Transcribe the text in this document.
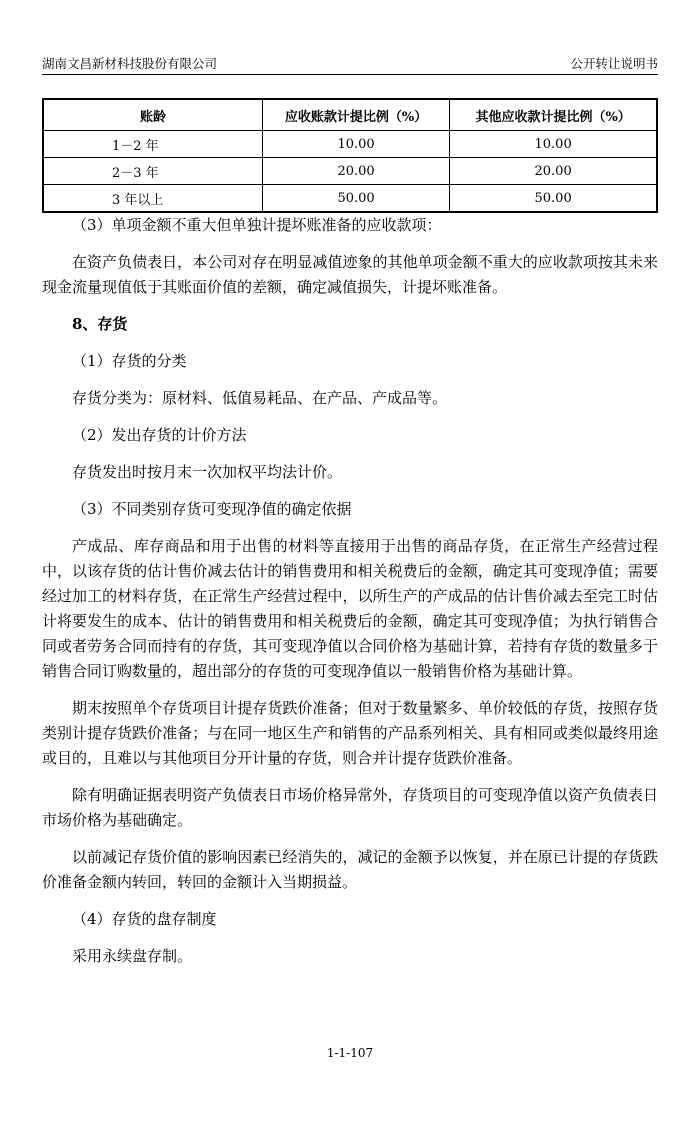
湖南文昌新材科技股份有限公司	公开转让说明书
账龄	应收账款计提比例（%）	其他应收款计提比例（%）
1－2 年	10.00	10.00
2－3 年	20.00	20.00
3 年以上	50.00	50.00
（3）单项金额不重大但单独计提坏账准备的应收款项：

在资产负债表日，本公司对存在明显减值迹象的其他单项金额不重大的应收款项按其未来现金流量现值低于其账面价值的差额，确定减值损失，计提坏账准备。

8、存货
（1）存货的分类

存货分类为：原材料、低值易耗品、在产品、产成品等。

（2）发出存货的计价方法

存货发出时按月末一次加权平均法计价。

（3）不同类别存货可变现净值的确定依据

产成品、库存商品和用于出售的材料等直接用于出售的商品存货，在正常生产经营过程中，以该存货的估计售价减去估计的销售费用和相关税费后的金额，确定其可变现净值；需要经过加工的材料存货，在正常生产经营过程中，以所生产的产成品的估计售价减去至完工时估计将要发生的成本、估计的销售费用和相关税费后的金额，确定其可变现净值；为执行销售合同或者劳务合同而持有的存货，其可变现净值以合同价格为基础计算，若持有存货的数量多于销售合同订购数量的，超出部分的存货的可变现净值以一般销售价格为基础计算。

期末按照单个存货项目计提存货跌价准备；但对于数量繁多、单价较低的存货，按照存货类别计提存货跌价准备；与在同一地区生产和销售的产品系列相关、具有相同或类似最终用途或目的，且难以与其他项目分开计量的存货，则合并计提存货跌价准备。

除有明确证据表明资产负债表日市场价格异常外，存货项目的可变现净值以资产负债表日市场价格为基础确定。

以前减记存货价值的影响因素已经消失的，减记的金额予以恢复，并在原已计提的存货跌价准备金额内转回，转回的金额计入当期损益。

（4）存货的盘存制度

采用永续盘存制。

1-1-107
